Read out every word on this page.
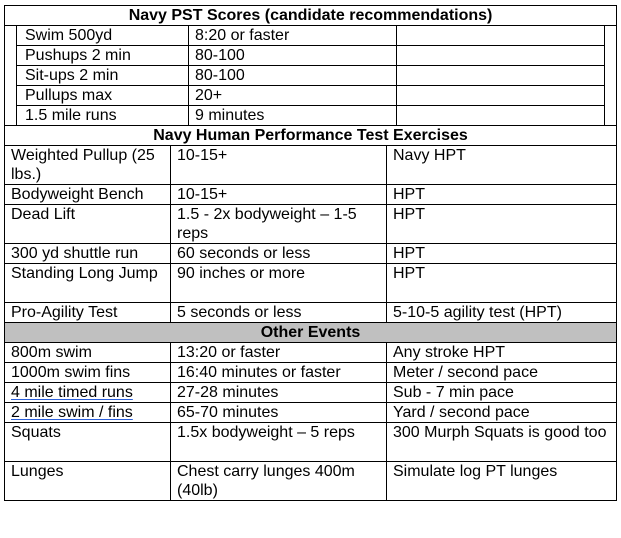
Navy PST Scores (candidate recommendations)				
	Swim 500yd	8:20 or faster		
	Pushups 2 min	80-100		
	Sit-ups 2 min	80-100		
	Pullups max	20+		
	1.5 mile runs	9 minutes		
Navy Human Performance Test Exercises		
Weighted Pullup (25 lbs.)	10-15+	Navy HPT
Bodyweight Bench	10-15+	HPT
Dead Lift	1.5 - 2x bodyweight – 1-5 reps	HPT
300 yd shuttle run	60 seconds or less	HPT
Standing Long Jump	90 inches or more	HPT
Pro-Agility Test	5 seconds or less	5-10-5 agility test (HPT)
Other Events		
800m swim	13:20 or faster	Any stroke HPT
1000m swim fins	16:40 minutes or faster	Meter / second pace
4 mile timed runs	27-28 minutes	Sub - 7 min pace
2 mile swim / fins	65-70 minutes	Yard / second pace
Squats	1.5x bodyweight – 5 reps	300 Murph Squats is good too
Lunges	Chest carry lunges 400m (40lb)	Simulate log PT lunges
